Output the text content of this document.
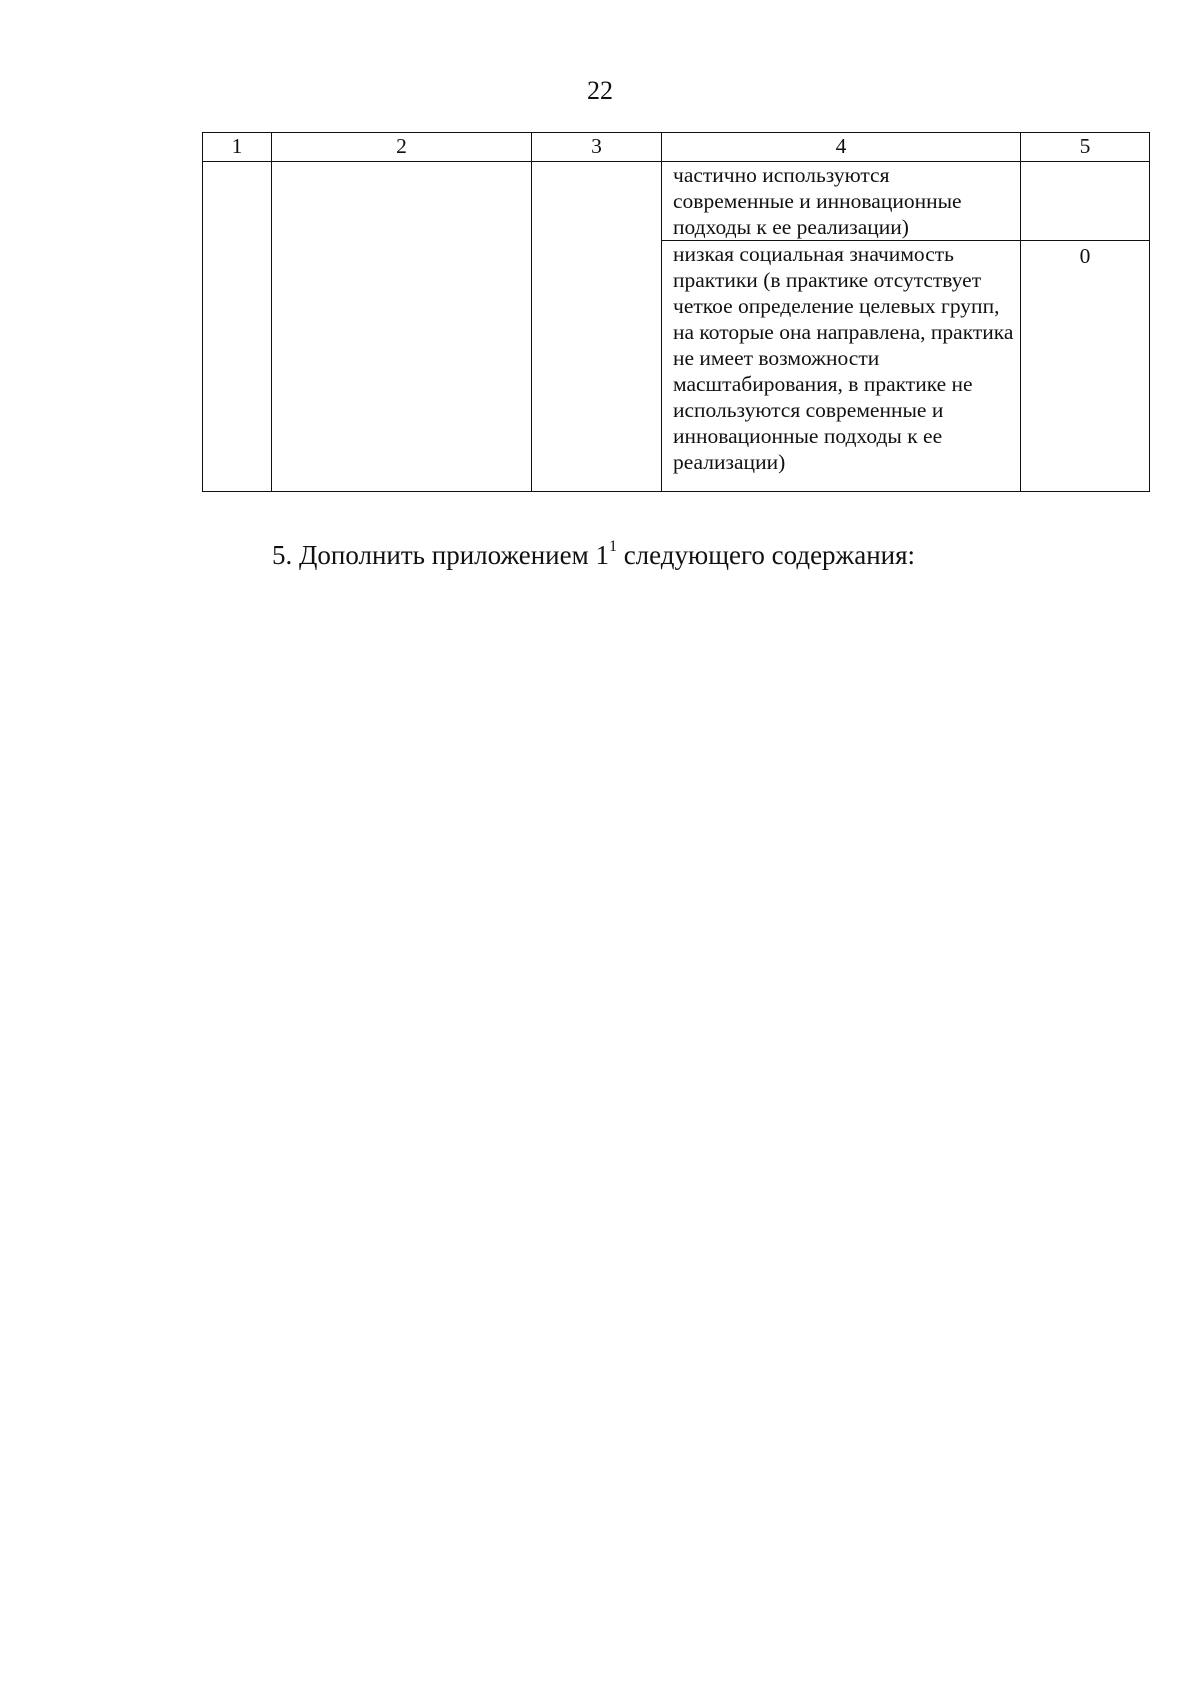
22
1	2	3	4	5
			частично используются современные и инновационные подходы к ее реализации)	
			низкая социальная значимость практики (в практике отсутствует четкое определение целевых групп, на которые она направлена, практика не имеет возможности масштабирования, в практике не используются современные и инновационные подходы к ее реализации)	0
5. Дополнить приложением $1^1$ следующего содержания:
